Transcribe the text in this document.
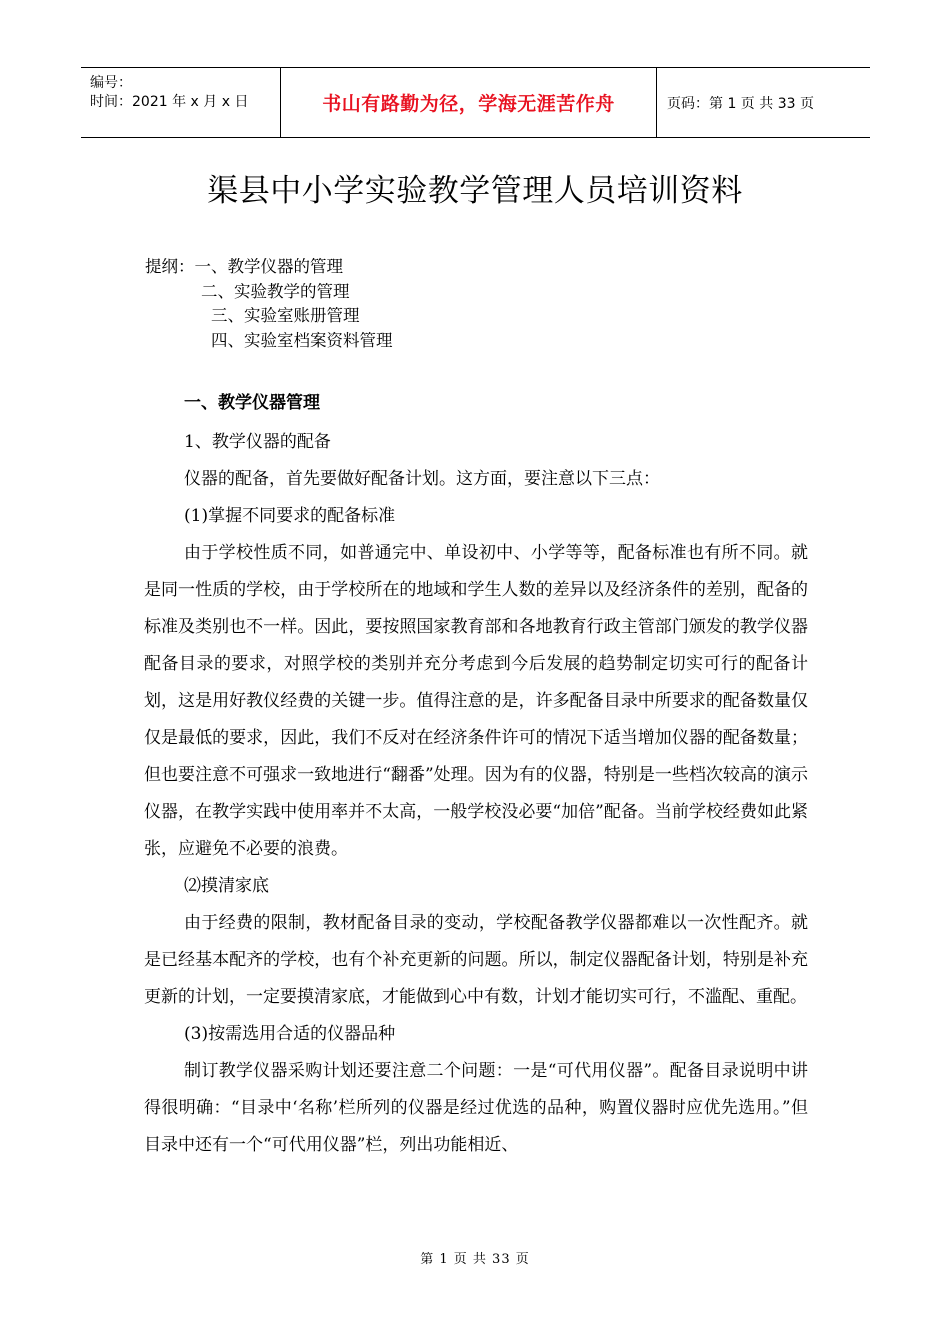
编号：
时间：2021 年 x 月 x 日	书山有路勤为径，学海无涯苦作舟	页码：第 1 页 共 33 页
渠县中小学实验教学管理人员培训资料
提纲：一、教学仪器的管理
二、实验教学的管理
三、实验室账册管理
四、实验室档案资料管理
一、教学仪器管理
1、教学仪器的配备
仪器的配备，首先要做好配备计划。这方面，要注意以下三点：
(1)掌握不同要求的配备标准
由于学校性质不同，如普通完中、单设初中、小学等等，配备标准也有所不同。就是同一性质的学校，由于学校所在的地域和学生人数的差异以及经济条件的差别，配备的标准及类别也不一样。因此，要按照国家教育部和各地教育行政主管部门颁发的教学仪器配备目录的要求，对照学校的类别并充分考虑到今后发展的趋势制定切实可行的配备计划，这是用好教仪经费的关键一步。值得注意的是，许多配备目录中所要求的配备数量仅仅是最低的要求，因此，我们不反对在经济条件许可的情况下适当增加仪器的配备数量；但也要注意不可强求一致地进行“翻番”处理。因为有的仪器，特别是一些档次较高的演示仪器，在教学实践中使用率并不太高，一般学校没必要“加倍”配备。当前学校经费如此紧张，应避免不必要的浪费。
⑵摸清家底
由于经费的限制，教材配备目录的变动，学校配备教学仪器都难以一次性配齐。就是已经基本配齐的学校，也有个补充更新的问题。所以，制定仪器配备计划，特别是补充更新的计划，一定要摸清家底，才能做到心中有数，计划才能切实可行，不滥配、重配。
(3)按需选用合适的仪器品种
制订教学仪器采购计划还要注意二个问题：一是“可代用仪器”。配备目录说明中讲得很明确：“目录中‘名称’栏所列的仪器是经过优选的品种，购置仪器时应优先选用。”但目录中还有一个“可代用仪器”栏，列出功能相近、
第 1 页 共 33 页
